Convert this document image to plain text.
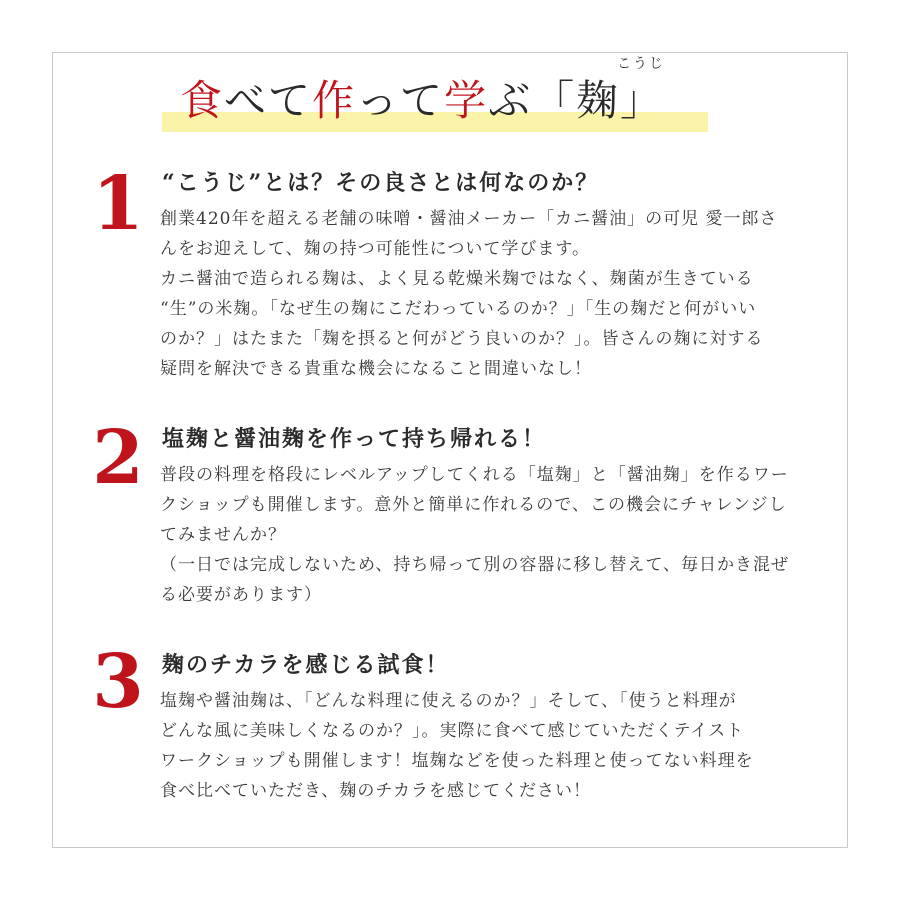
こうじ
食べて作って学ぶ「麹」
1 “こうじ”とは？その良さとは何なのか？
創業420年を超える老舗の味噌・醤油メーカー「カニ醤油」の可児 愛一郎さ
んをお迎えして、麹の持つ可能性について学びます。
カニ醤油で造られる麹は、よく見る乾燥米麹ではなく、麹菌が生きている
“生”の米麹。「なぜ生の麹にこだわっているのか？」「生の麹だと何がいい
のか？」はたまた「麹を摂ると何がどう良いのか？」。皆さんの麹に対する
疑問を解決できる貴重な機会になること間違いなし！
2 塩麹と醤油麹を作って持ち帰れる！
普段の料理を格段にレベルアップしてくれる「塩麹」と「醤油麹」を作るワー
クショップも開催します。意外と簡単に作れるので、この機会にチャレンジし
てみませんか？
（一日では完成しないため、持ち帰って別の容器に移し替えて、毎日かき混ぜ
る必要があります）
3 麹のチカラを感じる試食！
塩麹や醤油麹は、「どんな料理に使えるのか？」そして、「使うと料理が
どんな風に美味しくなるのか？」。実際に食べて感じていただくテイスト
ワークショップも開催します！塩麹などを使った料理と使ってない料理を
食べ比べていただき、麹のチカラを感じてください！
